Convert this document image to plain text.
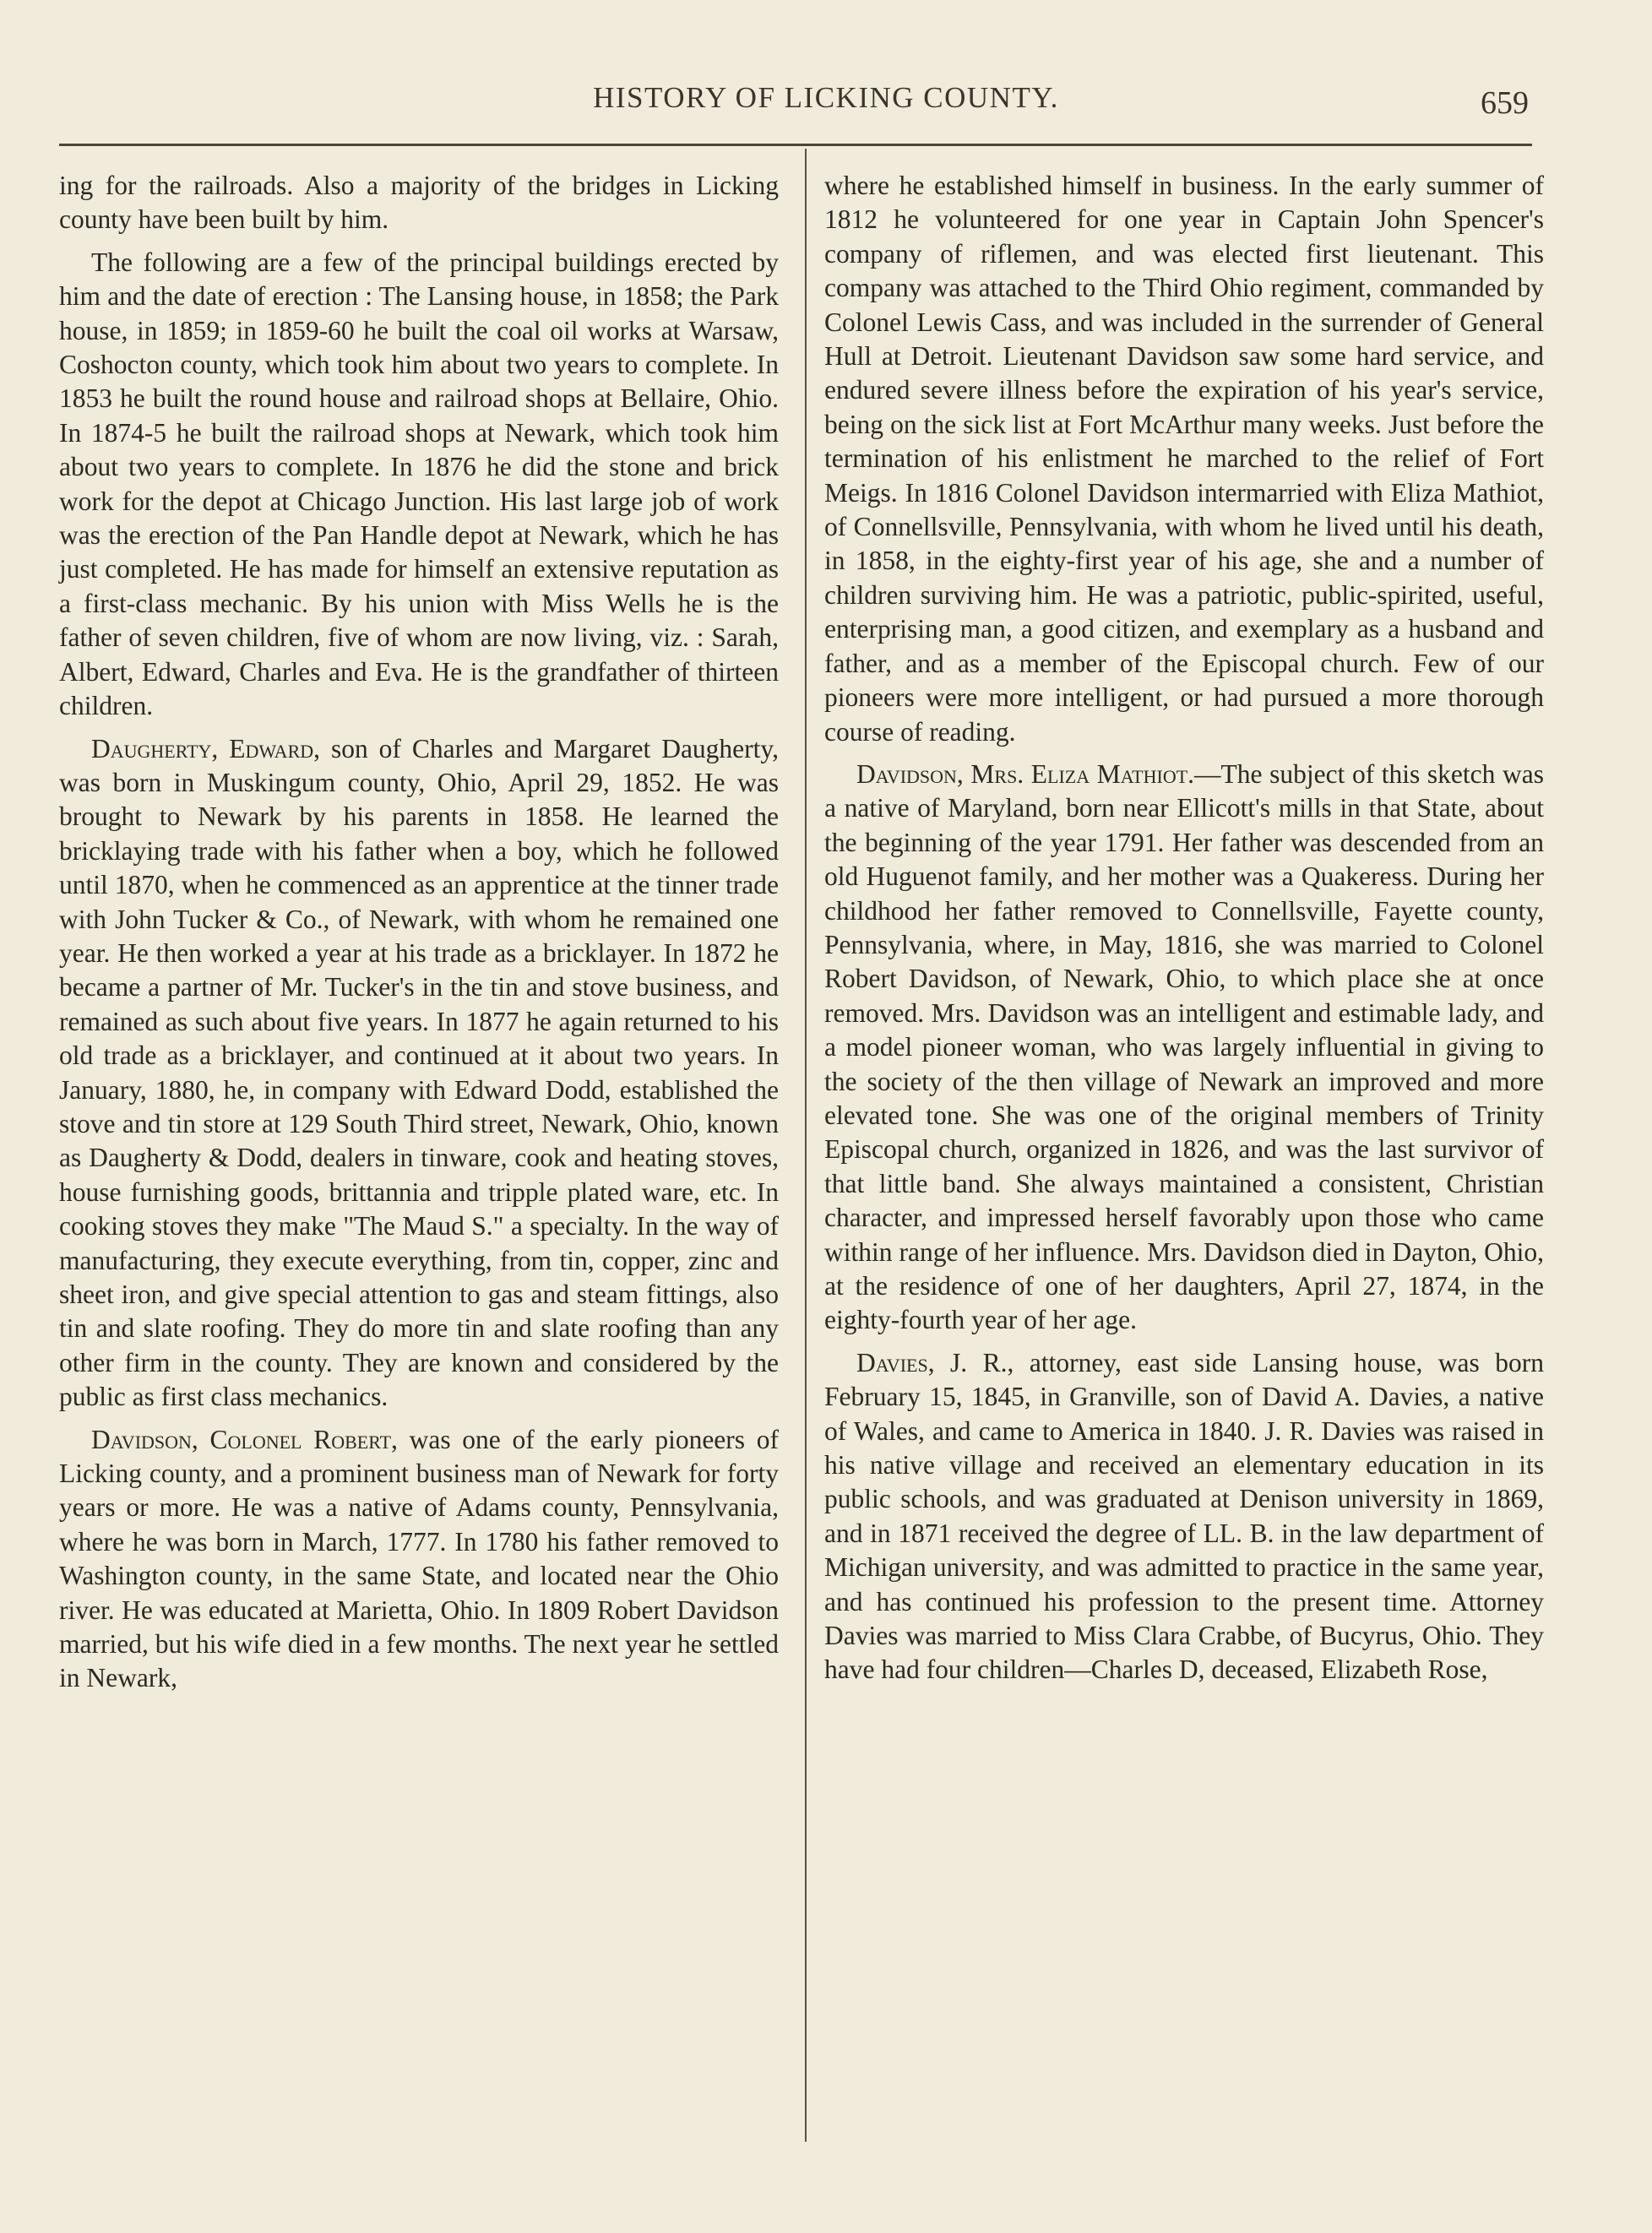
HISTORY OF LICKING COUNTY.	659

ing for the railroads. Also a majority of the bridges in Licking county have been built by him.

The following are a few of the principal buildings erected by him and the date of erection : The Lansing house, in 1858; the Park house, in 1859; in 1859-60 he built the coal oil works at Warsaw, Coshocton county, which took him about two years to complete. In 1853 he built the round house and railroad shops at Bellaire, Ohio. In 1874-5 he built the railroad shops at Newark, which took him about two years to complete. In 1876 he did the stone and brick work for the depot at Chicago Junction. His last large job of work was the erection of the Pan Handle depot at Newark, which he has just completed. He has made for himself an extensive reputation as a first-class mechanic. By his union with Miss Wells he is the father of seven children, five of whom are now living, viz. : Sarah, Albert, Edward, Charles and Eva. He is the grandfather of thirteen children.

Daugherty, Edward, son of Charles and Margaret Daugherty, was born in Muskingum county, Ohio, April 29, 1852. He was brought to Newark by his parents in 1858. He learned the bricklaying trade with his father when a boy, which he followed until 1870, when he commenced as an apprentice at the tinner trade with John Tucker & Co., of Newark, with whom he remained one year. He then worked a year at his trade as a bricklayer. In 1872 he became a partner of Mr. Tucker's in the tin and stove business, and remained as such about five years. In 1877 he again returned to his old trade as a bricklayer, and continued at it about two years. In January, 1880, he, in company with Edward Dodd, established the stove and tin store at 129 South Third street, Newark, Ohio, known as Daugherty & Dodd, dealers in tinware, cook and heating stoves, house furnishing goods, brittannia and tripple plated ware, etc. In cooking stoves they make "The Maud S." a specialty. In the way of manufacturing, they execute everything, from tin, copper, zinc and sheet iron, and give special attention to gas and steam fittings, also tin and slate roofing. They do more tin and slate roofing than any other firm in the county. They are known and considered by the public as first class mechanics.

Davidson, Colonel Robert, was one of the early pioneers of Licking county, and a prominent business man of Newark for forty years or more. He was a native of Adams county, Pennsylvania, where he was born in March, 1777. In 1780 his father removed to Washington county, in the same State, and located near the Ohio river. He was educated at Marietta, Ohio. In 1809 Robert Davidson married, but his wife died in a few months. The next year he settled in Newark,

where he established himself in business. In the early summer of 1812 he volunteered for one year in Captain John Spencer's company of riflemen, and was elected first lieutenant. This company was attached to the Third Ohio regiment, commanded by Colonel Lewis Cass, and was included in the surrender of General Hull at Detroit. Lieutenant Davidson saw some hard service, and endured severe illness before the expiration of his year's service, being on the sick list at Fort McArthur many weeks. Just before the termination of his enlistment he marched to the relief of Fort Meigs. In 1816 Colonel Davidson intermarried with Eliza Mathiot, of Connellsville, Pennsylvania, with whom he lived until his death, in 1858, in the eighty-first year of his age, she and a number of children surviving him. He was a patriotic, public-spirited, useful, enterprising man, a good citizen, and exemplary as a husband and father, and as a member of the Episcopal church. Few of our pioneers were more intelligent, or had pursued a more thorough course of reading.

Davidson, Mrs. Eliza Mathiot.—The subject of this sketch was a native of Maryland, born near Ellicott's mills in that State, about the beginning of the year 1791. Her father was descended from an old Huguenot family, and her mother was a Quakeress. During her childhood her father removed to Connellsville, Fayette county, Pennsylvania, where, in May, 1816, she was married to Colonel Robert Davidson, of Newark, Ohio, to which place she at once removed. Mrs. Davidson was an intelligent and estimable lady, and a model pioneer woman, who was largely influential in giving to the society of the then village of Newark an improved and more elevated tone. She was one of the original members of Trinity Episcopal church, organized in 1826, and was the last survivor of that little band. She always maintained a consistent, Christian character, and impressed herself favorably upon those who came within range of her influence. Mrs. Davidson died in Dayton, Ohio, at the residence of one of her daughters, April 27, 1874, in the eighty-fourth year of her age.

Davies, J. R., attorney, east side Lansing house, was born February 15, 1845, in Granville, son of David A. Davies, a native of Wales, and came to America in 1840. J. R. Davies was raised in his native village and received an elementary education in its public schools, and was graduated at Denison university in 1869, and in 1871 received the degree of LL. B. in the law department of Michigan university, and was admitted to practice in the same year, and has continued his profession to the present time. Attorney Davies was married to Miss Clara Crabbe, of Bucyrus, Ohio. They have had four children—Charles D, deceased, Elizabeth Rose,
